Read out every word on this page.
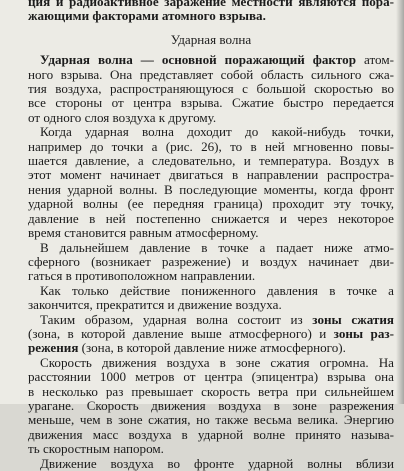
ция и радиоактивное заражение местности являются пора-
жающими факторами атомного взрыва.
Ударная волна
Ударная волна — основной поражающий фактор атом-
ного взрыва. Она представляет собой область сильного сжа-
тия воздуха, распространяющуюся с большой скоростью во
все стороны от центра взрыва. Сжатие быстро передается
от одного слоя воздуха к другому.
Когда ударная волна доходит до какой-нибудь точки,
например до точки а (рис. 26), то в ней мгновенно повы-
шается давление, а следовательно, и температура. Воздух в
этот момент начинает двигаться в направлении распростра-
нения ударной волны. В последующие моменты, когда фронт
ударной волны (ее передняя граница) проходит эту точку,
давление в ней постепенно снижается и через некоторое
время становится равным атмосферному.
В дальнейшем давление в точке а падает ниже атмо-
сферного (возникает разрежение) и воздух начинает дви-
гаться в противоположном направлении.
Как только действие пониженного давления в точке а
закончится, прекратится и движение воздуха.
Таким образом, ударная волна состоит из зоны сжатия
(зона, в которой давление выше атмосферного) и зоны раз-
режения (зона, в которой давление ниже атмосферного).
Скорость движения воздуха в зоне сжатия огромна. На
расстоянии 1000 метров от центра (эпицентра) взрыва она
в несколько раз превышает скорость ветра при сильнейшем
урагане. Скорость движения воздуха в зоне разрежения
меньше, чем в зоне сжатия, но также весьма велика. Энергию
движения масс воздуха в ударной волне принято называ-
ть скоростным напором.
Движение воздуха во фронте ударной волны вблизи
